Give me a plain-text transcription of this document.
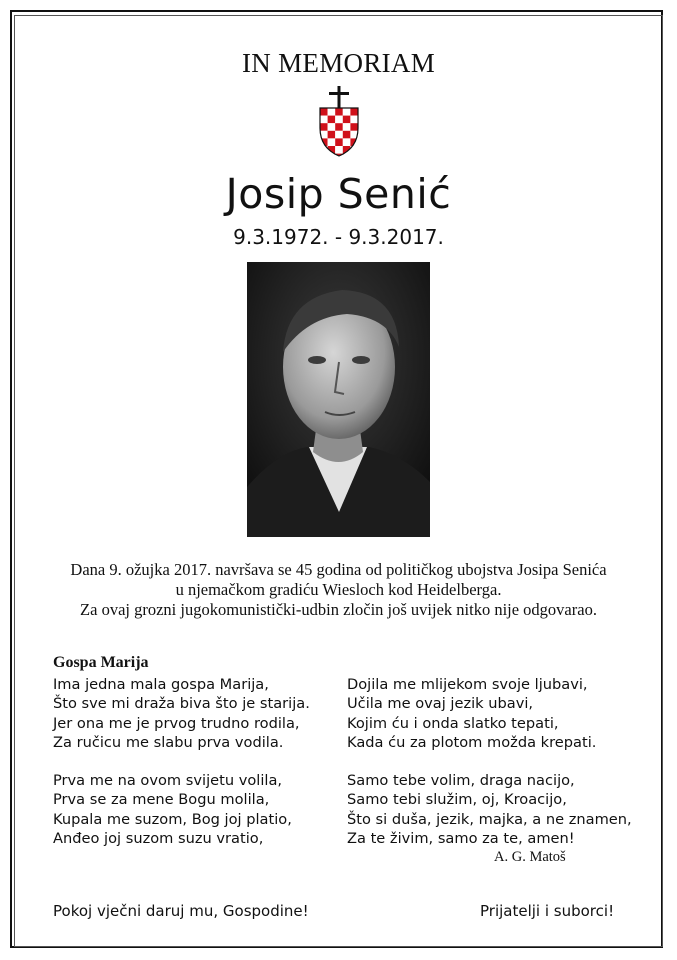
IN MEMORIAM
Josip Senić
9.3.1972. - 9.3.2017.
Dana 9. ožujka 2017. navršava se 45 godina od političkog ubojstva Josipa Senića
u njemačkom gradiću Wiesloch kod Heidelberga.
Za ovaj grozni jugokomunistički-udbin zločin još uvijek nitko nije odgovarao.
Gospa Marija
Ima jedna mala gospa Marija,
Što sve mi draža biva što je starija.
Jer ona me je prvog trudno rodila,
Za ručicu me slabu prva vodila.
Prva me na ovom svijetu volila,
Prva se za mene Bogu molila,
Kupala me suzom, Bog joj platio,
Anđeo joj suzom suzu vratio,
Dojila me mlijekom svoje ljubavi,
Učila me ovaj jezik ubavi,
Kojim ću i onda slatko tepati,
Kada ću za plotom možda krepati.
Samo tebe volim, draga nacijo,
Samo tebi služim, oj, Kroacijo,
Što si duša, jezik, majka, a ne znamen,
Za te živim, samo za te, amen!
A. G. Matoš
Pokoj vječni daruj mu, Gospodine!	Prijatelji i suborci!
